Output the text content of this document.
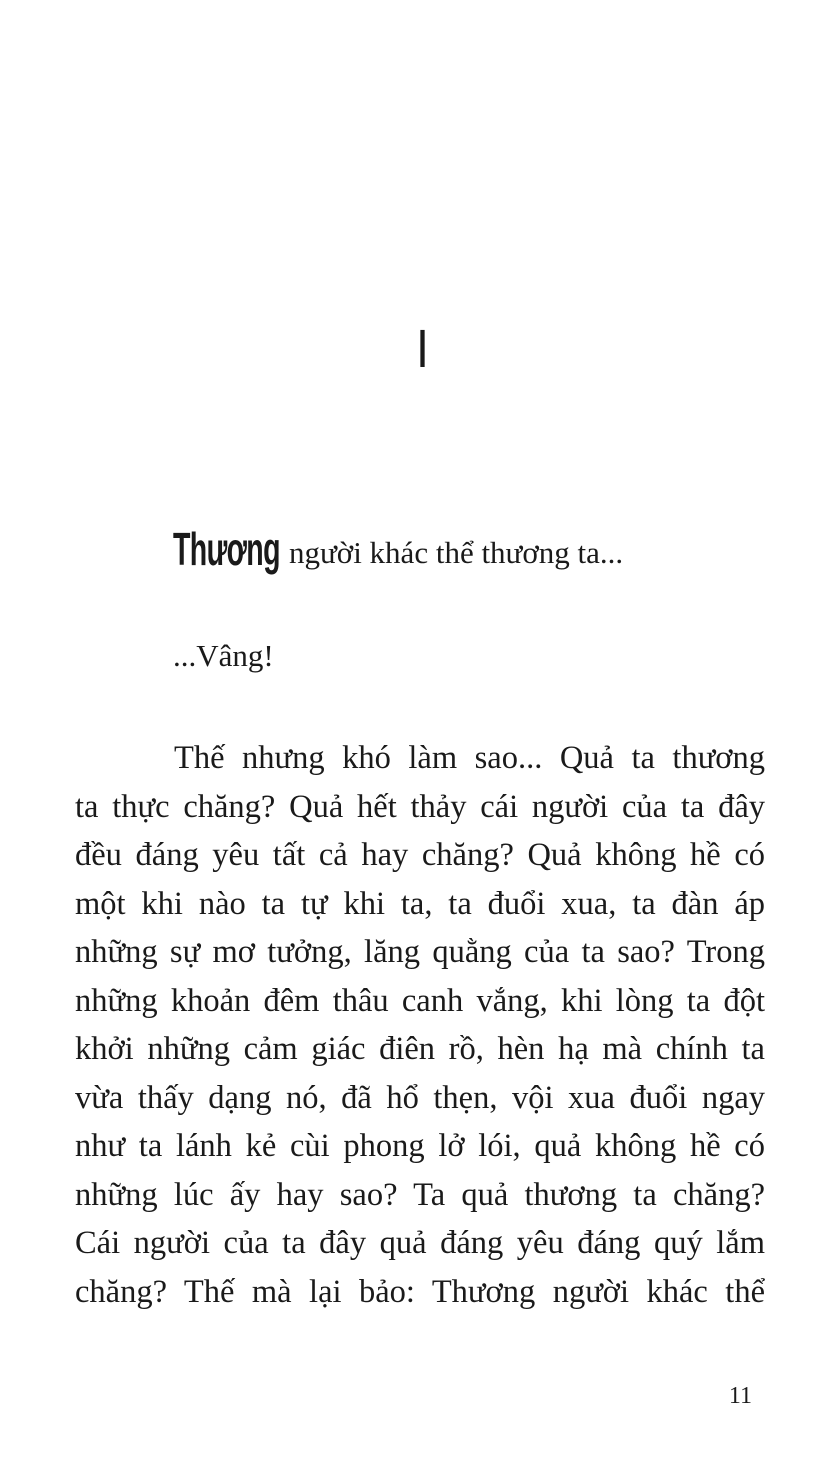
I
Thương người khác thể thương ta...
...Vâng!
Thế nhưng khó làm sao... Quả ta thương
ta thực chăng? Quả hết thảy cái người của ta đây
đều đáng yêu tất cả hay chăng? Quả không hề có
một khi nào ta tự khi ta, ta đuổi xua, ta đàn áp
những sự mơ tưởng, lăng quằng của ta sao? Trong
những khoản đêm thâu canh vắng, khi lòng ta đột
khởi những cảm giác điên rồ, hèn hạ mà chính ta
vừa thấy dạng nó, đã hổ thẹn, vội xua đuổi ngay
như ta lánh kẻ cùi phong lở lói, quả không hề có
những lúc ấy hay sao? Ta quả thương ta chăng?
Cái người của ta đây quả đáng yêu đáng quý lắm
chăng? Thế mà lại bảo: Thương người khác thể
11
